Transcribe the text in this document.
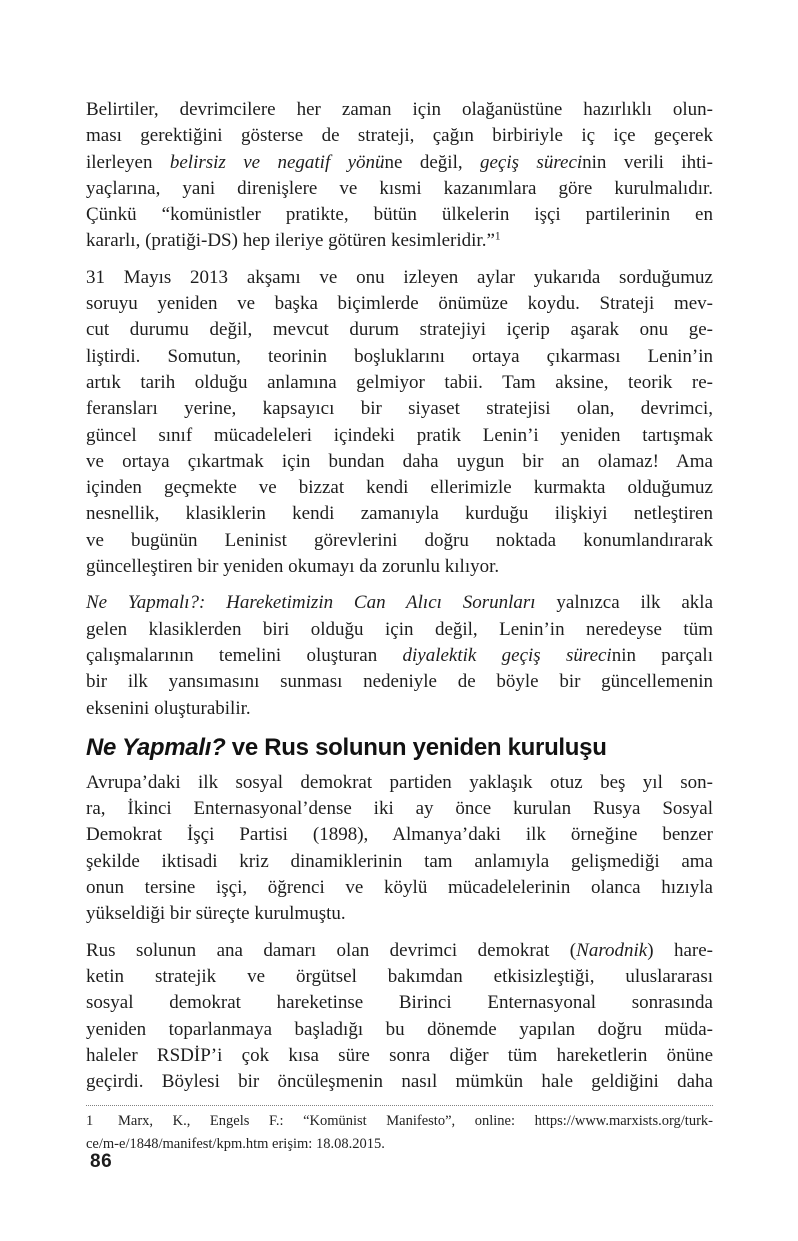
Belirtiler, devrimcilere her zaman için olağanüstüne hazırlıklı olun-
ması gerektiğini gösterse de strateji, çağın birbiriyle iç içe geçerek
ilerleyen belirsiz ve negatif yönüne değil, geçiş sürecinin verili ihti-
yaçlarına, yani direnişlere ve kısmi kazanımlara göre kurulmalıdır.
Çünkü “komünistler pratikte, bütün ülkelerin işçi partilerinin en
kararlı, (pratiği-DS) hep ileriye götüren kesimleridir.”$^1$
31 Mayıs 2013 akşamı ve onu izleyen aylar yukarıda sorduğumuz
soruyu yeniden ve başka biçimlerde önümüze koydu. Strateji mev-
cut durumu değil, mevcut durum stratejiyi içerip aşarak onu ge-
liştirdi. Somutun, teorinin boşluklarını ortaya çıkarması Lenin’in
artık tarih olduğu anlamına gelmiyor tabii. Tam aksine, teorik re-
feransları yerine, kapsayıcı bir siyaset stratejisi olan, devrimci,
güncel sınıf mücadeleleri içindeki pratik Lenin’i yeniden tartışmak
ve ortaya çıkartmak için bundan daha uygun bir an olamaz! Ama
içinden geçmekte ve bizzat kendi ellerimizle kurmakta olduğumuz
nesnellik, klasiklerin kendi zamanıyla kurduğu ilişkiyi netleştiren
ve bugünün Leninist görevlerini doğru noktada konumlandırarak
güncelleştiren bir yeniden okumayı da zorunlu kılıyor.
Ne Yapmalı?: Hareketimizin Can Alıcı Sorunları yalnızca ilk akla
gelen klasiklerden biri olduğu için değil, Lenin’in neredeyse tüm
çalışmalarının temelini oluşturan diyalektik geçiş sürecinin parçalı
bir ilk yansımasını sunması nedeniyle de böyle bir güncellemenin
eksenini oluşturabilir.
Ne Yapmalı? ve Rus solunun yeniden kuruluşu
Avrupa’daki ilk sosyal demokrat partiden yaklaşık otuz beş yıl son-
ra, İkinci Enternasyonal’dense iki ay önce kurulan Rusya Sosyal
Demokrat İşçi Partisi (1898), Almanya’daki ilk örneğine benzer
şekilde iktisadi kriz dinamiklerinin tam anlamıyla gelişmediği ama
onun tersine işçi, öğrenci ve köylü mücadelelerinin olanca hızıyla
yükseldiği bir süreçte kurulmuştu.
Rus solunun ana damarı olan devrimci demokrat (Narodnik) hare-
ketin stratejik ve örgütsel bakımdan etkisizleştiği, uluslararası
sosyal demokrat hareketinse Birinci Enternasyonal sonrasında
yeniden toparlanmaya başladığı bu dönemde yapılan doğru müda-
haleler RSDİP’i çok kısa süre sonra diğer tüm hareketlerin önüne
geçirdi. Böylesi bir öncüleşmenin nasıl mümkün hale geldiğini daha
1 Marx, K., Engels F.: “Komünist Manifesto”, online: https://www.marxists.org/turk-
ce/m-e/1848/manifest/kpm.htm erişim: 18.08.2015.
86
